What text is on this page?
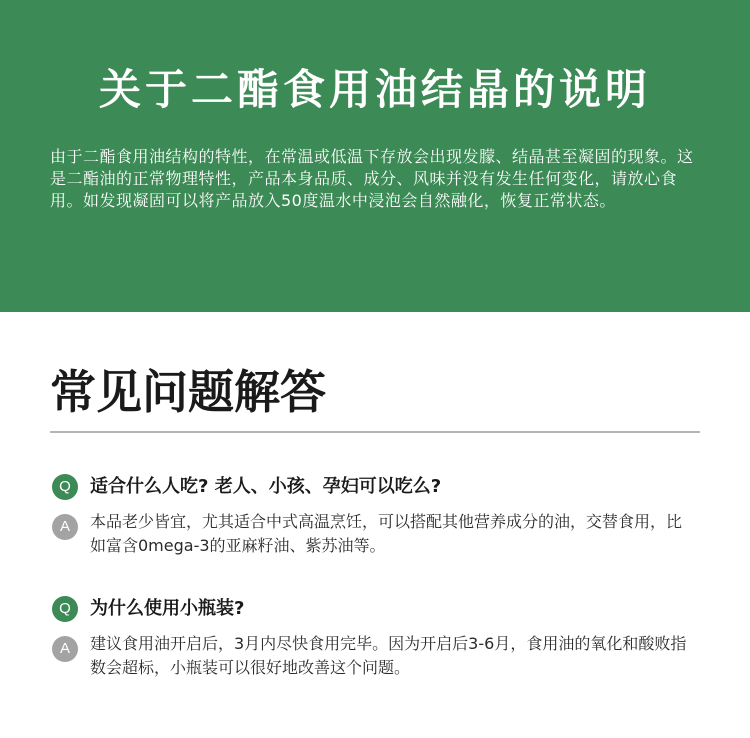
关于二酯食用油结晶的说明

由于二酯食用油结构的特性，在常温或低温下存放会出现发朦、结晶甚至凝固的现象。这是二酯油的正常物理特性，产品本身品质、成分、风味并没有发生任何变化，请放心食用。如发现凝固可以将产品放入50度温水中浸泡会自然融化，恢复正常状态。

常见问题解答
Q	适合什么人吃? 老人、小孩、孕妇可以吃么?
A	本品老少皆宜，尤其适合中式高温烹饪，可以搭配其他营养成分的油，交替食用，比如富含0mega-3的亚麻籽油、紫苏油等。
Q	为什么使用小瓶装?
A	建议食用油开启后，3月内尽快食用完毕。因为开启后3-6月，食用油的氧化和酸败指数会超标，小瓶装可以很好地改善这个问题。
